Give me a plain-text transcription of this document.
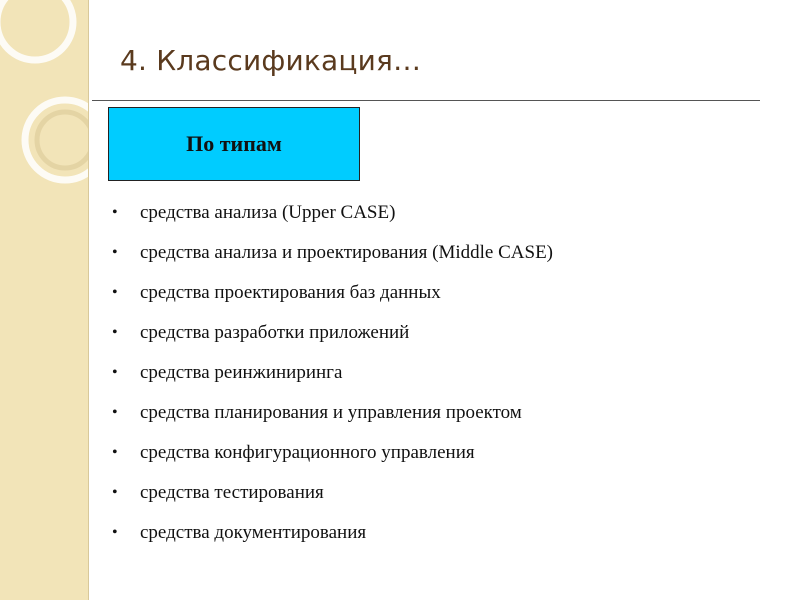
4. Классификация…
По типам
•	средства анализа (Upper CASE)
•	средства анализа и проектирования (Middle CASE)
•	средства проектирования баз данных
•	средства разработки приложений
•	средства реинжиниринга
•	средства планирования и управления проектом
•	средства конфигурационного управления
•	средства тестирования
•	средства документирования
